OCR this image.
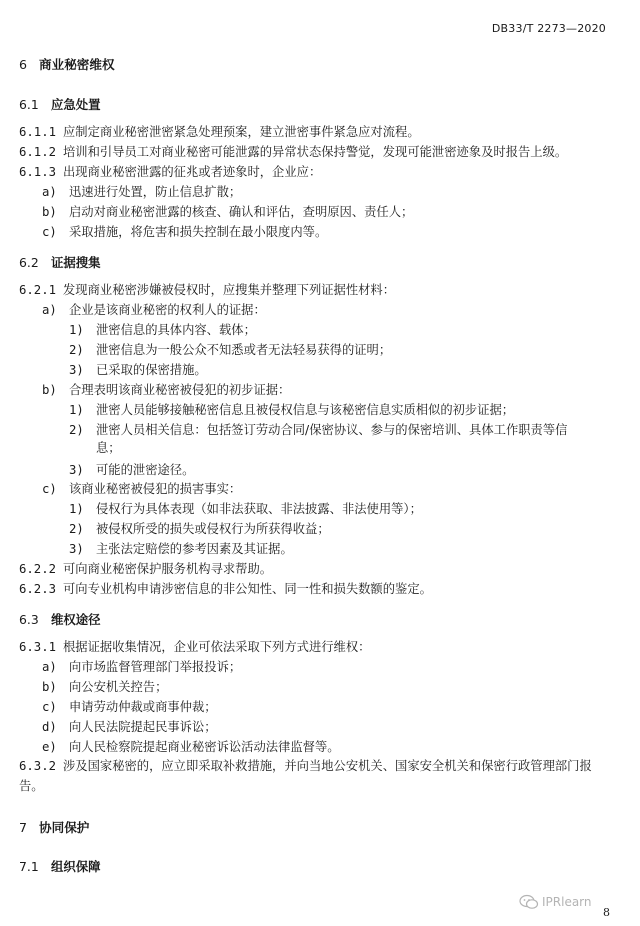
DB33/T 2273—2020
6 商业秘密维权
6.1 应急处置
6.1.1 应制定商业秘密泄密紧急处理预案，建立泄密事件紧急应对流程。
6.1.2 培训和引导员工对商业秘密可能泄露的异常状态保持警觉，发现可能泄密迹象及时报告上级。
6.1.3 出现商业秘密泄露的征兆或者迹象时，企业应：
a) 迅速进行处置，防止信息扩散；
b) 启动对商业秘密泄露的核查、确认和评估，查明原因、责任人；
c) 采取措施，将危害和损失控制在最小限度内等。
6.2 证据搜集
6.2.1 发现商业秘密涉嫌被侵权时，应搜集并整理下列证据性材料：
a) 企业是该商业秘密的权利人的证据：
1) 泄密信息的具体内容、载体；
2) 泄密信息为一般公众不知悉或者无法轻易获得的证明；
3) 已采取的保密措施。
b) 合理表明该商业秘密被侵犯的初步证据：
1) 泄密人员能够接触秘密信息且被侵权信息与该秘密信息实质相似的初步证据；
2) 泄密人员相关信息：包括签订劳动合同/保密协议、参与的保密培训、具体工作职责等信
息；
3) 可能的泄密途径。
c) 该商业秘密被侵犯的损害事实：
1) 侵权行为具体表现（如非法获取、非法披露、非法使用等）；
2) 被侵权所受的损失或侵权行为所获得收益；
3) 主张法定赔偿的参考因素及其证据。
6.2.2 可向商业秘密保护服务机构寻求帮助。
6.2.3 可向专业机构申请涉密信息的非公知性、同一性和损失数额的鉴定。
6.3 维权途径
6.3.1 根据证据收集情况，企业可依法采取下列方式进行维权：
a) 向市场监督管理部门举报投诉；
b) 向公安机关控告；
c) 申请劳动仲裁或商事仲裁；
d) 向人民法院提起民事诉讼；
e) 向人民检察院提起商业秘密诉讼活动法律监督等。
6.3.2 涉及国家秘密的，应立即采取补救措施，并向当地公安机关、国家安全机关和保密行政管理部门报告。
7 协同保护
7.1 组织保障
IPRlearn
8
